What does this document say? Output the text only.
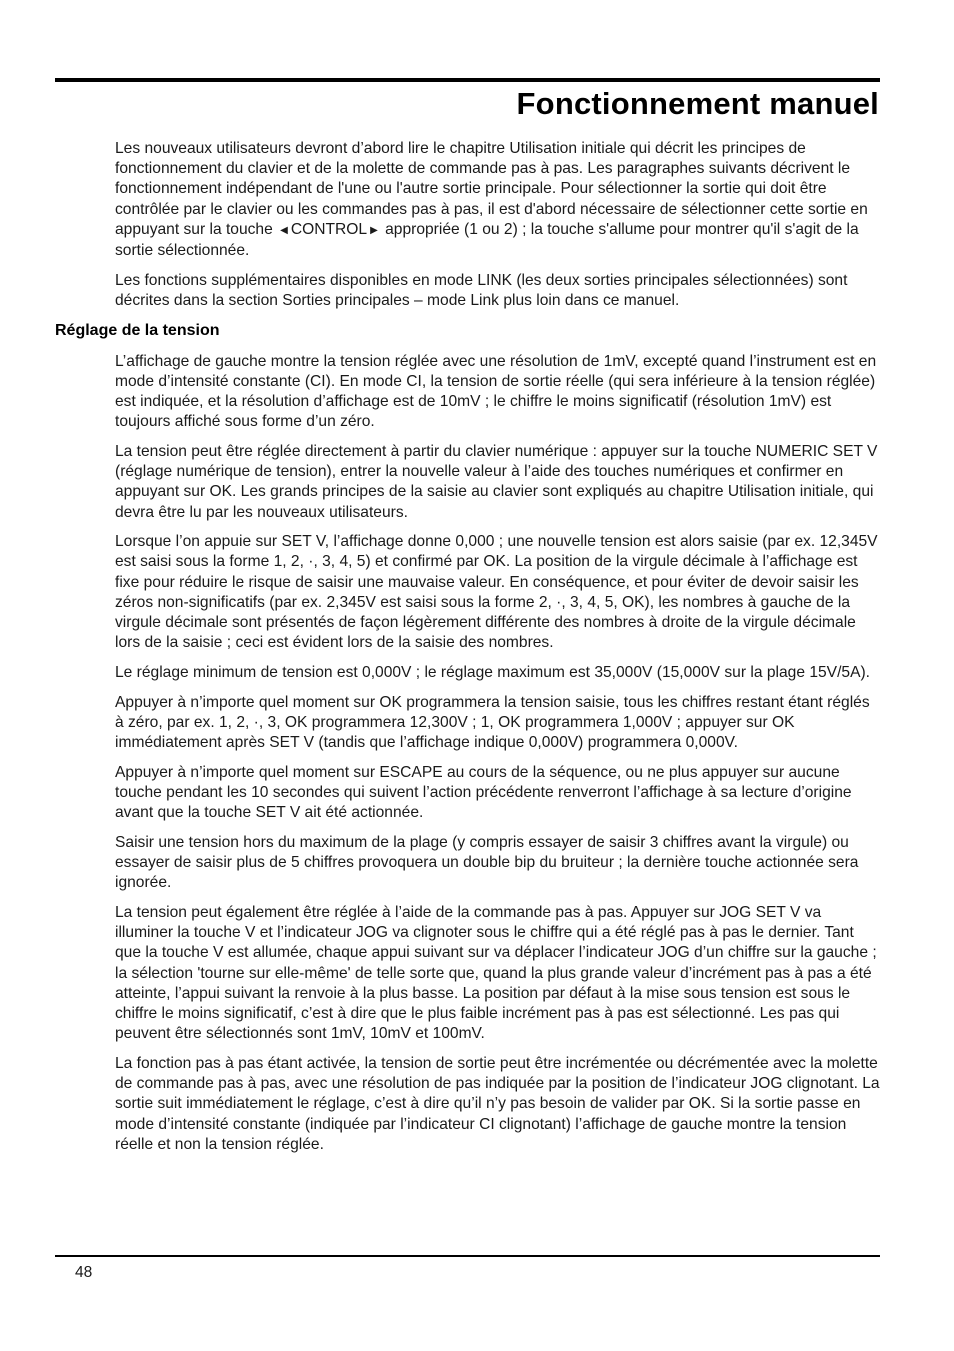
Fonctionnement manuel

Les nouveaux utilisateurs devront d’abord lire le chapitre Utilisation initiale qui décrit les principes de fonctionnement du clavier et de la molette de commande pas à pas. Les paragraphes suivants décrivent le fonctionnement indépendant de l'une ou l'autre sortie principale. Pour sélectionner la sortie qui doit être contrôlée par le clavier ou les commandes pas à pas, il est d'abord nécessaire de sélectionner cette sortie en appuyant sur la touche ◀ CONTROL ▶ appropriée (1 ou 2) ; la touche s'allume pour montrer qu'il s'agit de la sortie sélectionnée.

Les fonctions supplémentaires disponibles en mode LINK (les deux sorties principales sélectionnées) sont décrites dans la section Sorties principales – mode Link plus loin dans ce manuel.

Réglage de la tension

L’affichage de gauche montre la tension réglée avec une résolution de 1mV, excepté quand l’instrument est en mode d’intensité constante (CI). En mode CI, la tension de sortie réelle (qui sera inférieure à la tension réglée) est indiquée, et la résolution d’affichage est de 10mV ; le chiffre le moins significatif (résolution 1mV) est toujours affiché sous forme d’un zéro.

La tension peut être réglée directement à partir du clavier numérique : appuyer sur la touche NUMERIC SET V (réglage numérique de tension), entrer la nouvelle valeur à l’aide des touches numériques et confirmer en appuyant sur OK. Les grands principes de la saisie au clavier sont expliqués au chapitre Utilisation initiale, qui devra être lu par les nouveaux utilisateurs.

Lorsque l’on appuie sur SET V, l’affichage donne 0,000 ; une nouvelle tension est alors saisie (par ex. 12,345V est saisi sous la forme 1, 2, ·, 3, 4, 5) et confirmé par OK. La position de la virgule décimale à l’affichage est fixe pour réduire le risque de saisir une mauvaise valeur. En conséquence, et pour éviter de devoir saisir les zéros non-significatifs (par ex. 2,345V est saisi sous la forme 2, ·, 3, 4, 5, OK), les nombres à gauche de la virgule décimale sont présentés de façon légèrement différente des nombres à droite de la virgule décimale lors de la saisie ; ceci est évident lors de la saisie des nombres.

Le réglage minimum de tension est 0,000V ; le réglage maximum est 35,000V (15,000V sur la plage 15V/5A).

Appuyer à n’importe quel moment sur OK programmera la tension saisie, tous les chiffres restant étant réglés à zéro, par ex. 1, 2, ·, 3, OK programmera 12,300V ; 1, OK programmera 1,000V ; appuyer sur OK immédiatement après SET V (tandis que l’affichage indique 0,000V) programmera 0,000V.

Appuyer à n’importe quel moment sur ESCAPE au cours de la séquence, ou ne plus appuyer sur aucune touche pendant les 10 secondes qui suivent l’action précédente renverront l’affichage à sa lecture d’origine avant que la touche SET V ait été actionnée.

Saisir une tension hors du maximum de la plage (y compris essayer de saisir 3 chiffres avant la virgule) ou essayer de saisir plus de 5 chiffres provoquera un double bip du bruiteur ; la dernière touche actionnée sera ignorée.

La tension peut également être réglée à l’aide de la commande pas à pas. Appuyer sur JOG SET V va illuminer la touche V et l’indicateur JOG va clignoter sous le chiffre qui a été réglé pas à pas le dernier. Tant que la touche V est allumée, chaque appui suivant sur va déplacer l’indicateur JOG d’un chiffre sur la gauche ; la sélection 'tourne sur elle-même' de telle sorte que, quand la plus grande valeur d’incrément pas à pas a été atteinte, l’appui suivant la renvoie à la plus basse. La position par défaut à la mise sous tension est sous le chiffre le moins significatif, c’est à dire que le plus faible incrément pas à pas est sélectionné. Les pas qui peuvent être sélectionnés sont 1mV, 10mV et 100mV.

La fonction pas à pas étant activée, la tension de sortie peut être incrémentée ou décrémentée avec la molette de commande pas à pas, avec une résolution de pas indiquée par la position de l’indicateur JOG clignotant. La sortie suit immédiatement le réglage, c’est à dire qu’il n’y pas besoin de valider par OK. Si la sortie passe en mode d’intensité constante (indiquée par l’indicateur CI clignotant) l’affichage de gauche montre la tension réelle et non la tension réglée.

48
